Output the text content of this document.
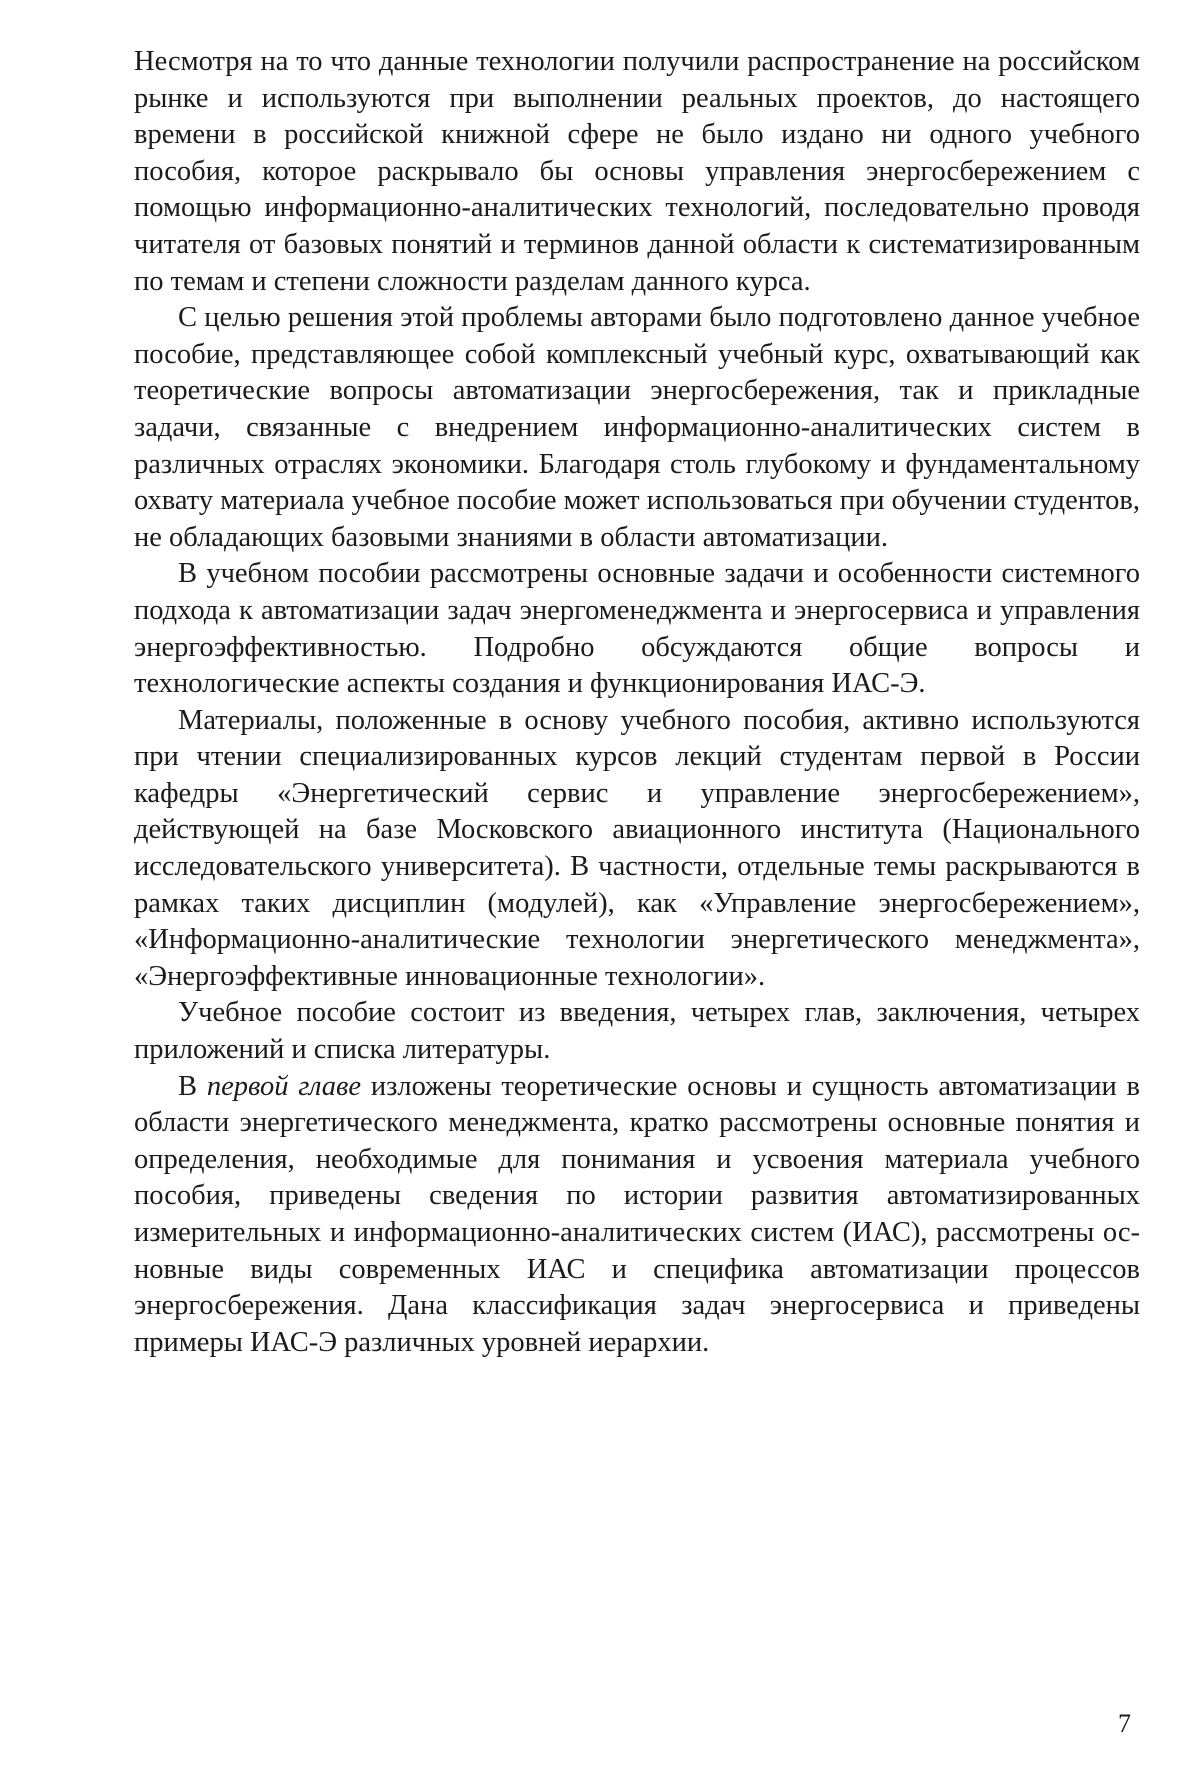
Несмотря на то что данные технологии получили распространение на российском рынке и используются при выполнении реальных проектов, до настоящего времени в российской книжной сфере не было издано ни одного учебного пособия, которое раскрывало бы основы управления энергосбережением с помощью информационно-аналитических технологий, последовательно проводя читателя от базовых понятий и терминов данной области к систематизированным по темам и степени сложности разделам данного курса.

С целью решения этой проблемы авторами было подготовлено данное учебное пособие, представляющее собой комплексный учебный курс, охватывающий как теоретические вопросы автоматизации энергосбережения, так и прикладные задачи, связанные с внедрением информационно-аналитических систем в различных отраслях экономики. Благодаря столь глубокому и фундаментальному охвату материала учебное пособие может использоваться при обучении студентов, не обладающих базовыми знаниями в области автоматизации.

В учебном пособии рассмотрены основные задачи и особенности системного подхода к автоматизации задач энергоменеджмента и энергосервиса и управления энергоэффективностью. Подробно обсуждаются общие вопросы и технологические аспекты создания и функционирования ИАС-Э.

Материалы, положенные в основу учебного пособия, активно используются при чтении специализированных курсов лекций студентам первой в России кафедры «Энергетический сервис и управление энергосбережением», действующей на базе Московского авиационного института (Национального исследовательского университета). В частности, отдельные темы раскрываются в рамках таких дисциплин (модулей), как «Управление энергосбережением», «Информационно-аналитические технологии энергетического менеджмента», «Энергоэффективные инновационные технологии».

Учебное пособие состоит из введения, четырех глав, заключения, четырех приложений и списка литературы.

В первой главе изложены теоретические основы и сущность автоматизации в области энергетического менеджмента, кратко рассмотрены основные понятия и определения, необходимые для понимания и усвоения материала учебного пособия, приведены сведения по истории развития автоматизированных измерительных и информационно-аналитических систем (ИАС), рассмотрены основные виды современных ИАС и специфика автоматизации процессов энергосбережения. Дана классификация задач энергосервиса и приведены примеры ИАС-Э различных уровней иерархии.

7
